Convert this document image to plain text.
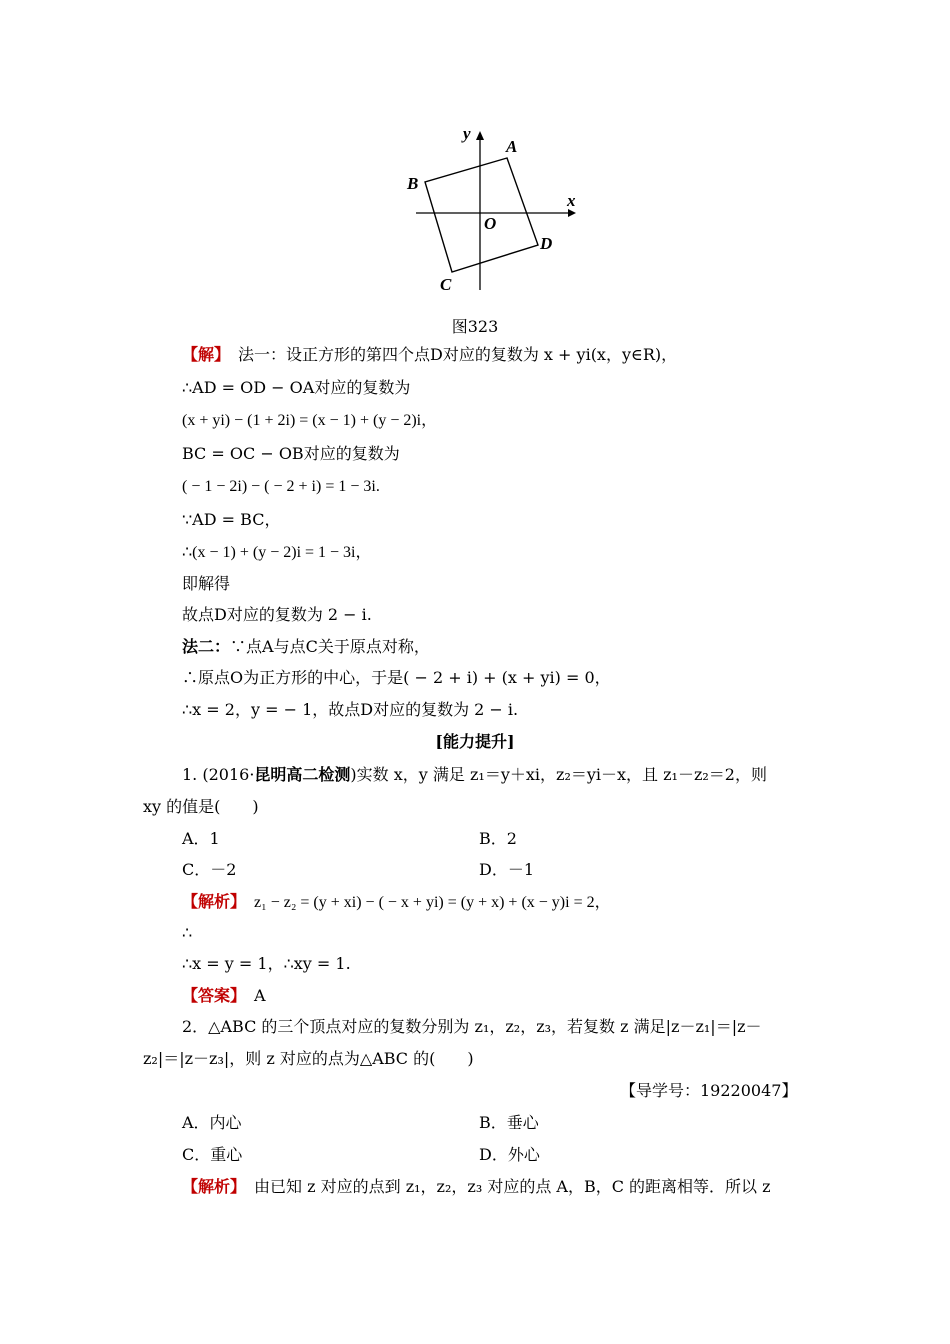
y
x
A
B
C
D
O
图323
【解】　法一：设正方形的第四个点D对应的复数为 x + yi(x，y∈R)，
∴AD = OD − OA对应的复数为
(x + yi) − (1 + 2i) = (x − 1) + (y − 2)i，
BC = OC − OB对应的复数为
( − 1 − 2i) − ( − 2 + i) = 1 − 3i.
∵AD = BC，
∴(x − 1) + (y − 2)i = 1 − 3i，
即解得
故点D对应的复数为 2 − i.
法二：∵点A与点C关于原点对称，
∴原点O为正方形的中心，于是( − 2 + i) + (x + yi) = 0，
∴x = 2，y = − 1，故点D对应的复数为 2 − i.
[能力提升]
1. (2016·昆明高二检测)实数 x，y 满足 z₁＝y＋xi，z₂＝yi－x，且 z₁－z₂＝2，则
xy 的值是(　　)
A．1	B．2
C．－2	D．－1
【解析】　z₁ − z₂ = (y + xi) − ( − x + yi) = (y + x) + (x − y)i = 2，
∴
∴x = y = 1，∴xy = 1.
【答案】　A
2．△ABC 的三个顶点对应的复数分别为 z₁，z₂，z₃，若复数 z 满足|z－z₁|＝|z－
z₂|＝|z－z₃|，则 z 对应的点为△ABC 的(　　)
【导学号：19220047】
A．内心	B．垂心
C．重心	D．外心
【解析】　由已知 z 对应的点到 z₁，z₂，z₃ 对应的点 A，B，C 的距离相等．所以 z
